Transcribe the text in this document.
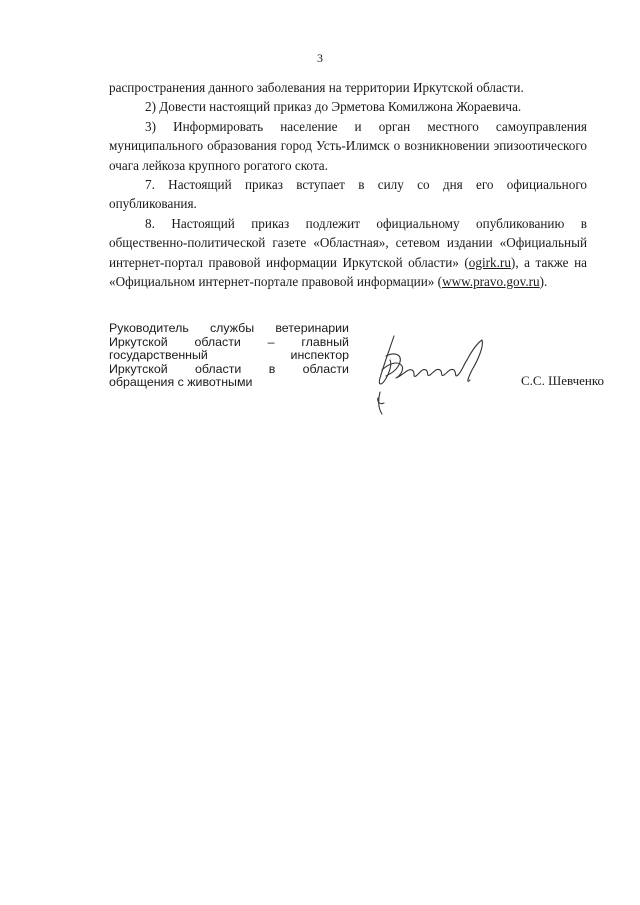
3

распространения данного заболевания на территории Иркутской области.

2) Довести настоящий приказ до Эрметова Комилжона Жораевича.

3) Информировать население и орган местного самоуправления муниципального образования город Усть-Илимск о возникновении эпизоотического очага лейкоза крупного рогатого скота.

7. Настоящий приказ вступает в силу со дня его официального опубликования.

8. Настоящий приказ подлежит официальному опубликованию в общественно-политической газете «Областная», сетевом издании «Официальный интернет-портал правовой информации Иркутской области» (ogirk.ru), а также на «Официальном интернет-портале правовой информации» (www.pravo.gov.ru).

Руководитель службы ветеринарии
Иркутской области – главный
государственный	инспектор
Иркутской области в области
обращения с животными	С.С. Шевченко
